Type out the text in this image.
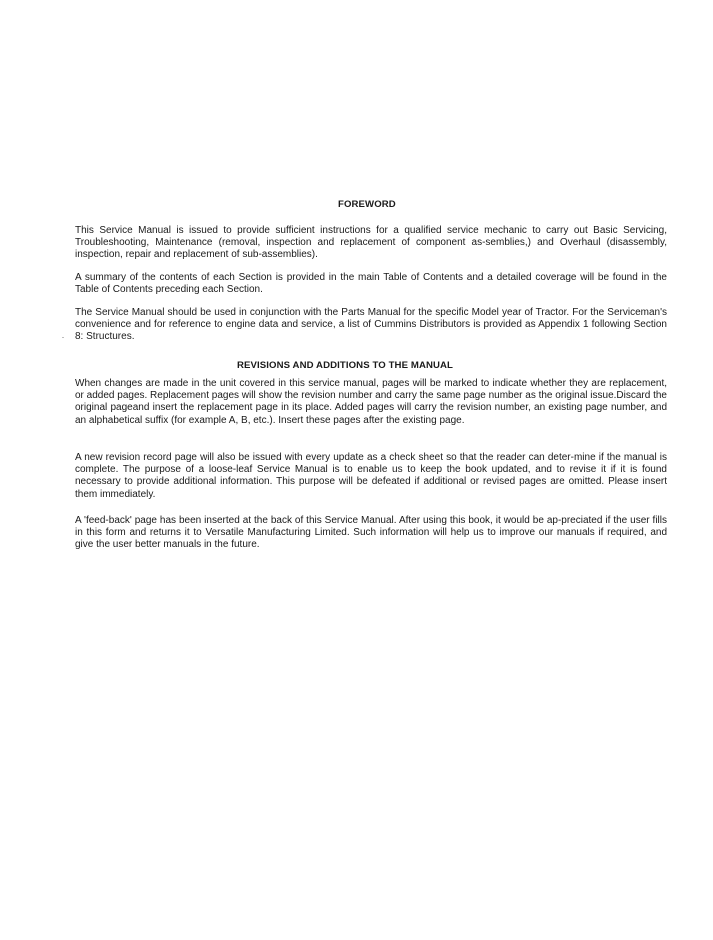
FOREWORD

This Service Manual is issued to provide sufficient instructions for a qualified service mechanic to carry out Basic Servicing, Troubleshooting, Maintenance (removal, inspection and replacement of component as-semblies,) and Overhaul (disassembly, inspection, repair and replacement of sub-assemblies).

A summary of the contents of each Section is provided in the main Table of Contents and a detailed coverage will be found in the Table of Contents preceding each Section.

The Service Manual should be used in conjunction with the Parts Manual for the specific Model year of Tractor. For the Serviceman's convenience and for reference to engine data and service, a list of Cummins Distributors is provided as Appendix 1 following Section 8: Structures.

REVISIONS AND ADDITIONS TO THE MANUAL

When changes are made in the unit covered in this service manual, pages will be marked to indicate whether they are replacement, or added pages. Replacement pages will show the revision number and carry the same page number as the original issue.Discard the original pageand insert the replacement page in its place. Added pages will carry the revision number, an existing page number, and an alphabetical suffix (for example A, B, etc.). Insert these pages after the existing page.

A new revision record page will also be issued with every update as a check sheet so that the reader can deter-mine if the manual is complete. The purpose of a loose-leaf Service Manual is to enable us to keep the book updated, and to revise it if it is found necessary to provide additional information. This purpose will be defeated if additional or revised pages are omitted. Please insert them immediately.

A 'feed-back' page has been inserted at the back of this Service Manual. After using this book, it would be ap-preciated if the user fills in this form and returns it to Versatile Manufacturing Limited. Such information will help us to improve our manuals if required, and give the user better manuals in the future.
